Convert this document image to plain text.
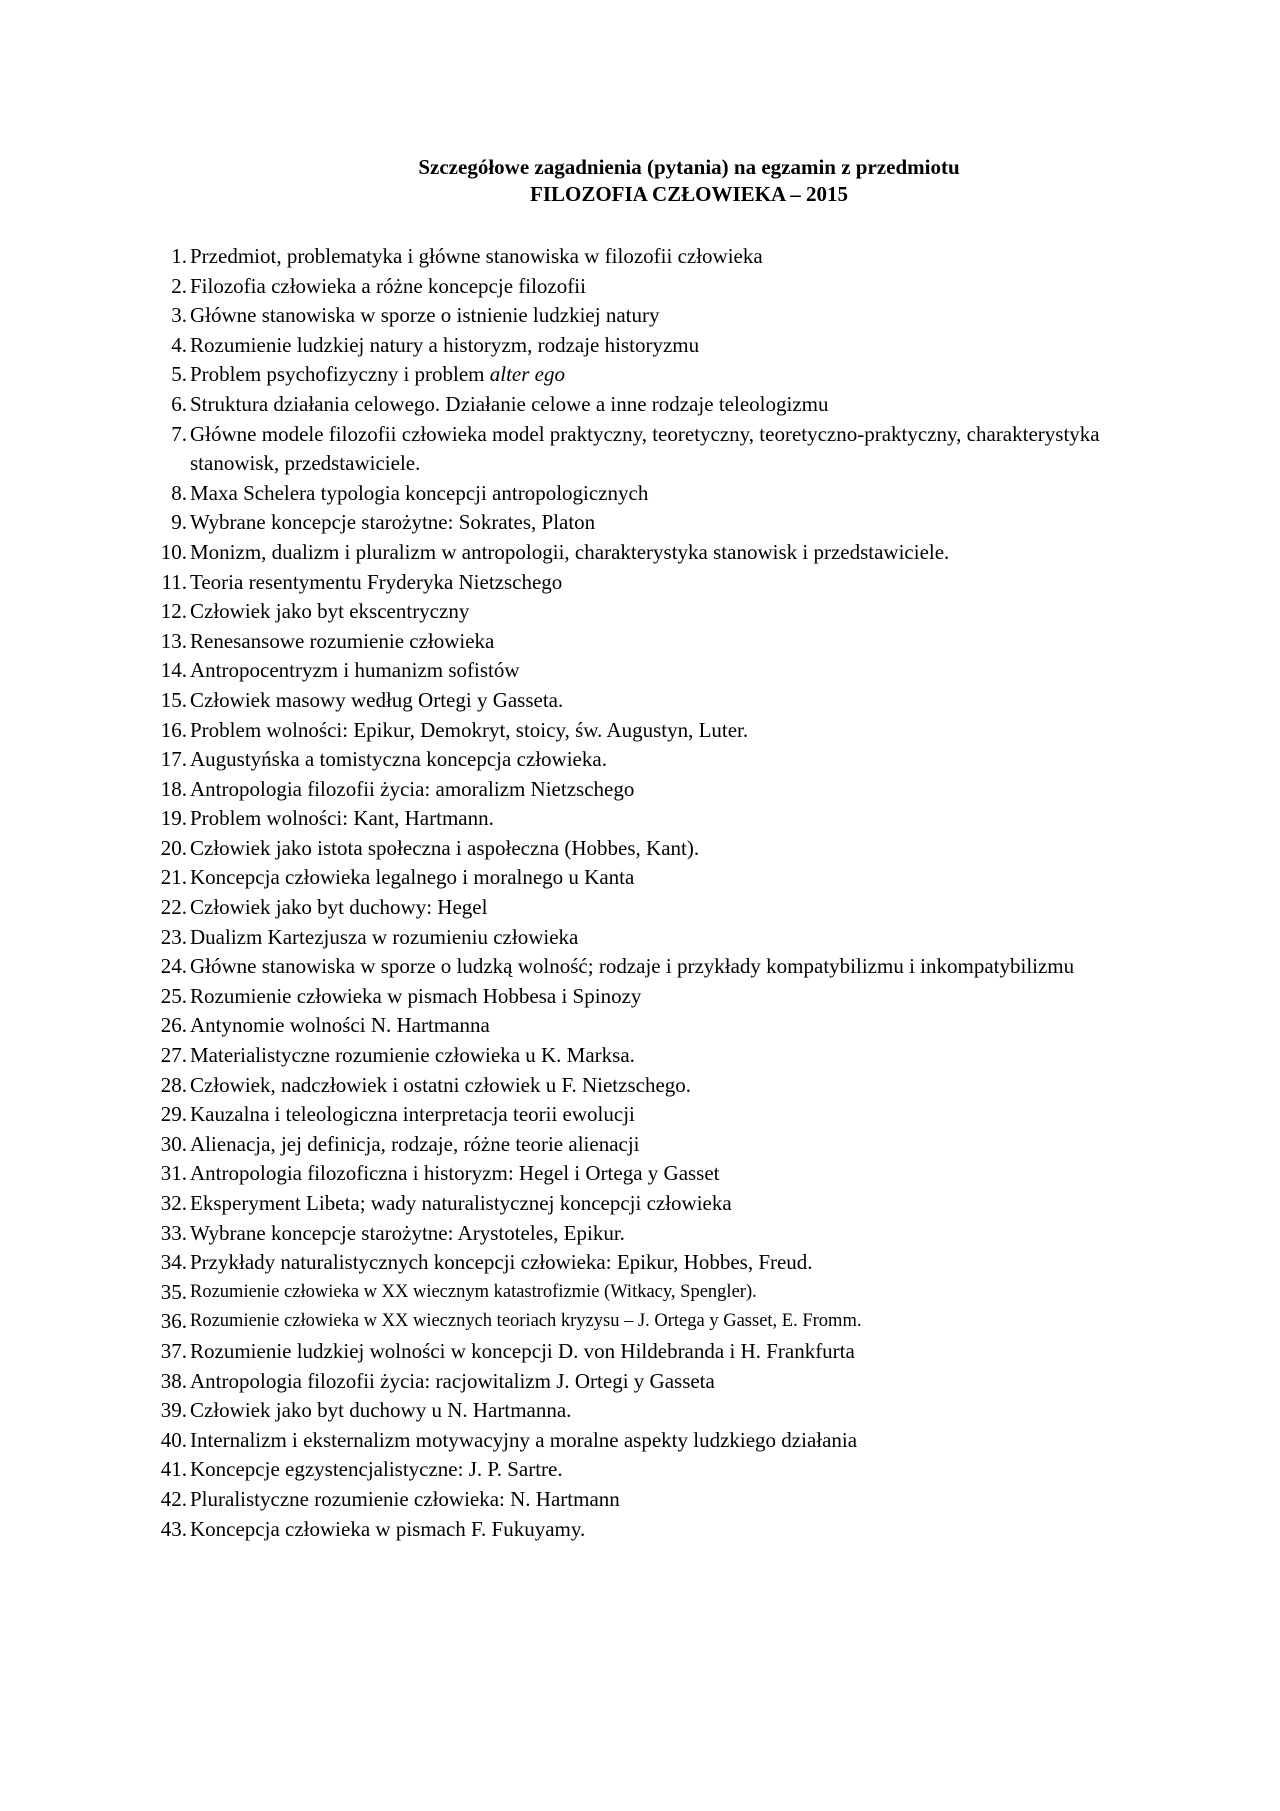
Szczegółowe zagadnienia (pytania) na egzamin z przedmiotu
FILOZOFIA CZŁOWIEKA – 2015
1. Przedmiot, problematyka i główne stanowiska w filozofii człowieka
2. Filozofia człowieka a różne koncepcje filozofii
3. Główne stanowiska w sporze o istnienie ludzkiej natury
4. Rozumienie ludzkiej natury a historyzm, rodzaje historyzmu
5. Problem psychofizyczny i problem alter ego
6. Struktura działania celowego. Działanie celowe a inne rodzaje teleologizmu
7. Główne modele filozofii człowieka model praktyczny, teoretyczny, teoretyczno-praktyczny, charakterystyka stanowisk, przedstawiciele.
8. Maxa Schelera typologia koncepcji antropologicznych
9. Wybrane koncepcje starożytne: Sokrates, Platon
10. Monizm, dualizm i pluralizm w antropologii, charakterystyka stanowisk i przedstawiciele.
11. Teoria resentymentu Fryderyka Nietzschego
12. Człowiek jako byt ekscentryczny
13. Renesansowe rozumienie człowieka
14. Antropocentryzm i humanizm sofistów
15. Człowiek masowy według Ortegi y Gasseta.
16. Problem wolności: Epikur, Demokryt, stoicy, św. Augustyn, Luter.
17. Augustyńska a tomistyczna koncepcja człowieka.
18. Antropologia filozofii życia: amoralizm Nietzschego
19. Problem wolności: Kant, Hartmann.
20. Człowiek jako istota społeczna i aspołeczna (Hobbes, Kant).
21. Koncepcja człowieka legalnego i moralnego u Kanta
22. Człowiek jako byt duchowy: Hegel
23. Dualizm Kartezjusza w rozumieniu człowieka
24. Główne stanowiska w sporze o ludzką wolność; rodzaje i przykłady kompatybilizmu i inkompatybilizmu
25. Rozumienie człowieka w pismach Hobbesa i Spinozy
26. Antynomie wolności N. Hartmanna
27. Materialistyczne rozumienie człowieka u K. Marksa.
28. Człowiek, nadczłowiek i ostatni człowiek u F. Nietzschego.
29. Kauzalna i teleologiczna interpretacja teorii ewolucji
30. Alienacja, jej definicja, rodzaje, różne teorie alienacji
31. Antropologia filozoficzna i historyzm: Hegel i Ortega y Gasset
32. Eksperyment Libeta; wady naturalistycznej koncepcji człowieka
33. Wybrane koncepcje starożytne: Arystoteles, Epikur.
34. Przykłady naturalistycznych koncepcji człowieka: Epikur, Hobbes, Freud.
35. Rozumienie człowieka w XX wiecznym katastrofizmie (Witkacy, Spengler).
36. Rozumienie człowieka w XX wiecznych teoriach kryzysu – J. Ortega y Gasset, E. Fromm.
37. Rozumienie ludzkiej wolności w koncepcji D. von Hildebranda i H. Frankfurta
38. Antropologia filozofii życia: racjowitalizm J. Ortegi y Gasseta
39. Człowiek jako byt duchowy u N. Hartmanna.
40. Internalizm i eksternalizm motywacyjny a moralne aspekty ludzkiego działania
41. Koncepcje egzystencjalistyczne: J. P. Sartre.
42. Pluralistyczne rozumienie człowieka: N. Hartmann
43. Koncepcja człowieka w pismach F. Fukuyamy.
